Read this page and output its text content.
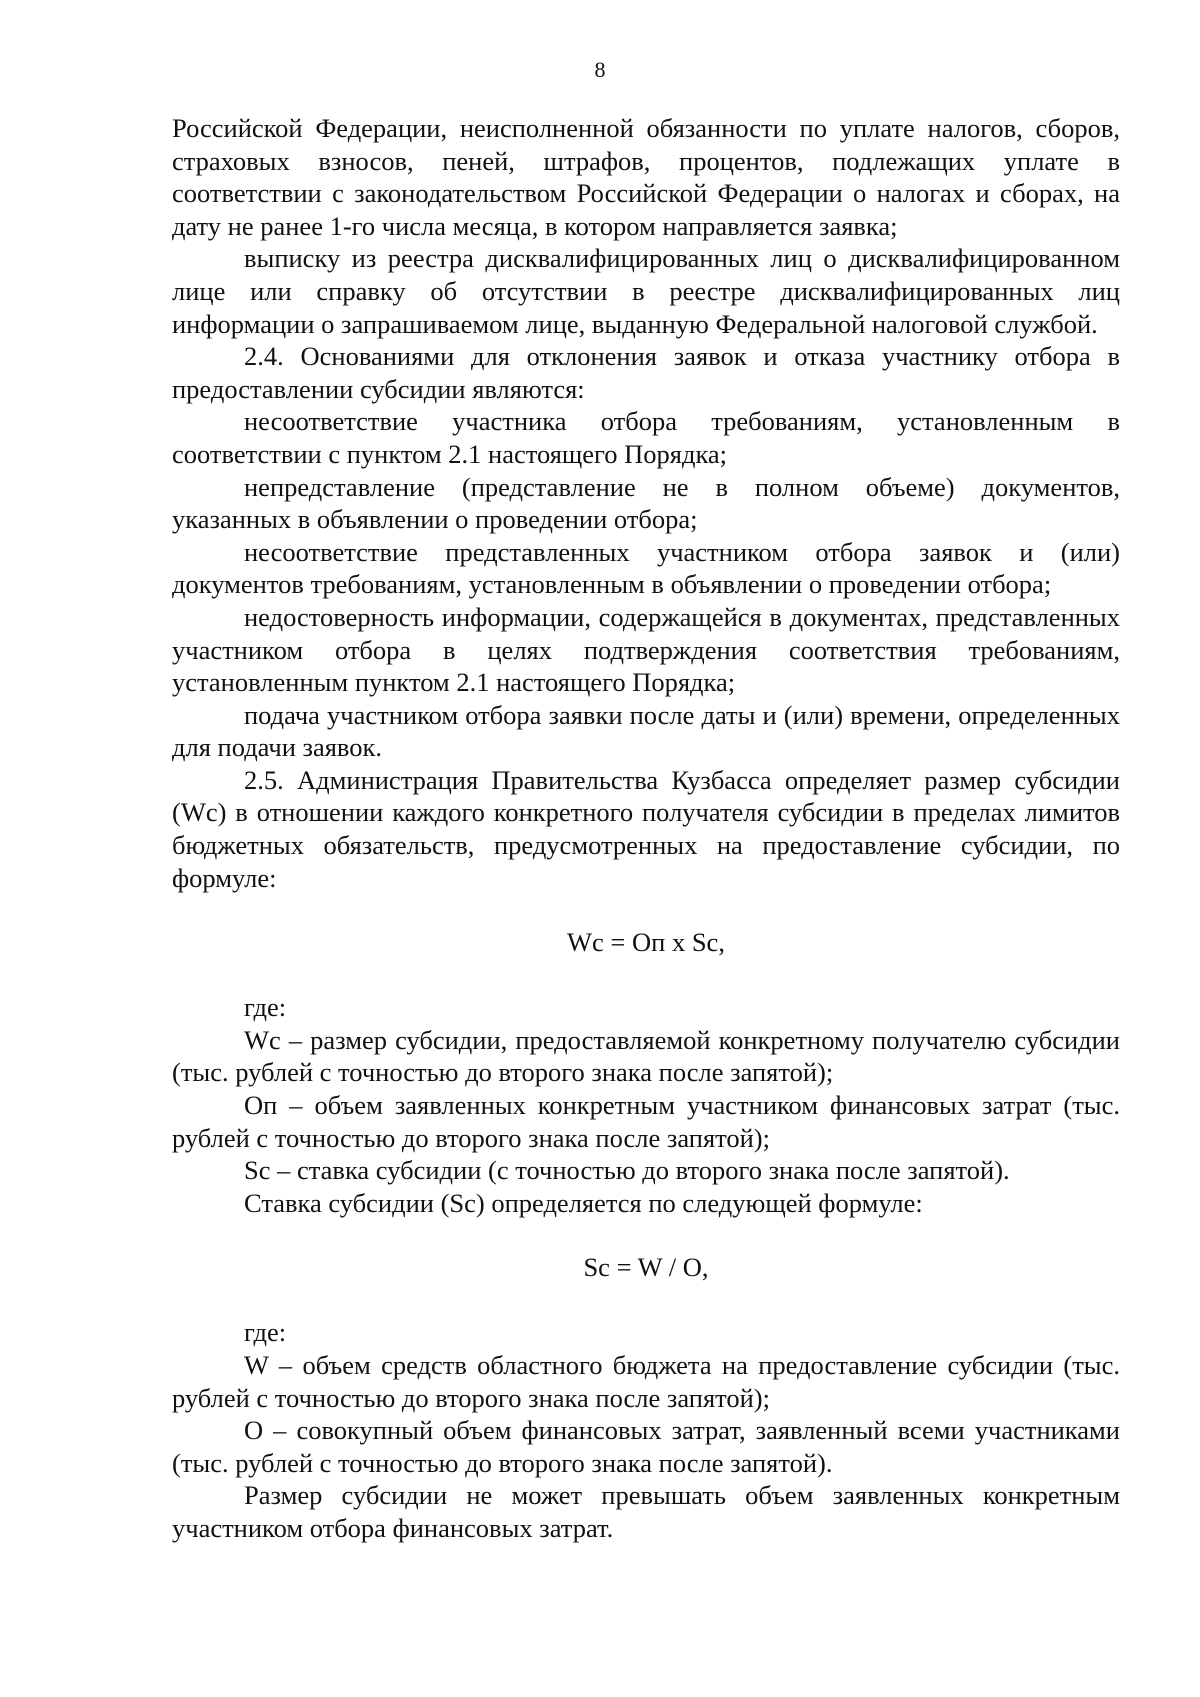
8

Российской Федерации, неисполненной обязанности по уплате налогов, сборов, страховых взносов, пеней, штрафов, процентов, подлежащих уплате в соответствии с законодательством Российской Федерации о налогах и сборах, на дату не ранее 1-го числа месяца, в котором направляется заявка;

выписку из реестра дисквалифицированных лиц о дисквалифицированном лице или справку об отсутствии в реестре дисквалифицированных лиц информации о запрашиваемом лице, выданную Федеральной налоговой службой.

2.4. Основаниями для отклонения заявок и отказа участнику отбора в предоставлении субсидии являются:

несоответствие участника отбора требованиям, установленным в соответствии с пунктом 2.1 настоящего Порядка;

непредставление (представление не в полном объеме) документов, указанных в объявлении о проведении отбора;

несоответствие представленных участником отбора заявок и (или) документов требованиям, установленным в объявлении о проведении отбора;

недостоверность информации, содержащейся в документах, представленных участником отбора в целях подтверждения соответствия требованиям, установленным пунктом 2.1 настоящего Порядка;

подача участником отбора заявки после даты и (или) времени, определенных для подачи заявок.

2.5. Администрация Правительства Кузбасса определяет размер субсидии (Wc) в отношении каждого конкретного получателя субсидии в пределах лимитов бюджетных обязательств, предусмотренных на предоставление субсидии, по формуле:

Wc = Оп х Sc,

где:

Wc – размер субсидии, предоставляемой конкретному получателю субсидии (тыс. рублей с точностью до второго знака после запятой);

Оп – объем заявленных конкретным участником финансовых затрат (тыс. рублей с точностью до второго знака после запятой);

Sc – ставка субсидии (с точностью до второго знака после запятой).

Ставка субсидии (Sc) определяется по следующей формуле:

Sc = W / О,

где:

W – объем средств областного бюджета на предоставление субсидии (тыс. рублей с точностью до второго знака после запятой);

О – совокупный объем финансовых затрат, заявленный всеми участниками (тыс. рублей с точностью до второго знака после запятой).

Размер субсидии не может превышать объем заявленных конкретным участником отбора финансовых затрат.
